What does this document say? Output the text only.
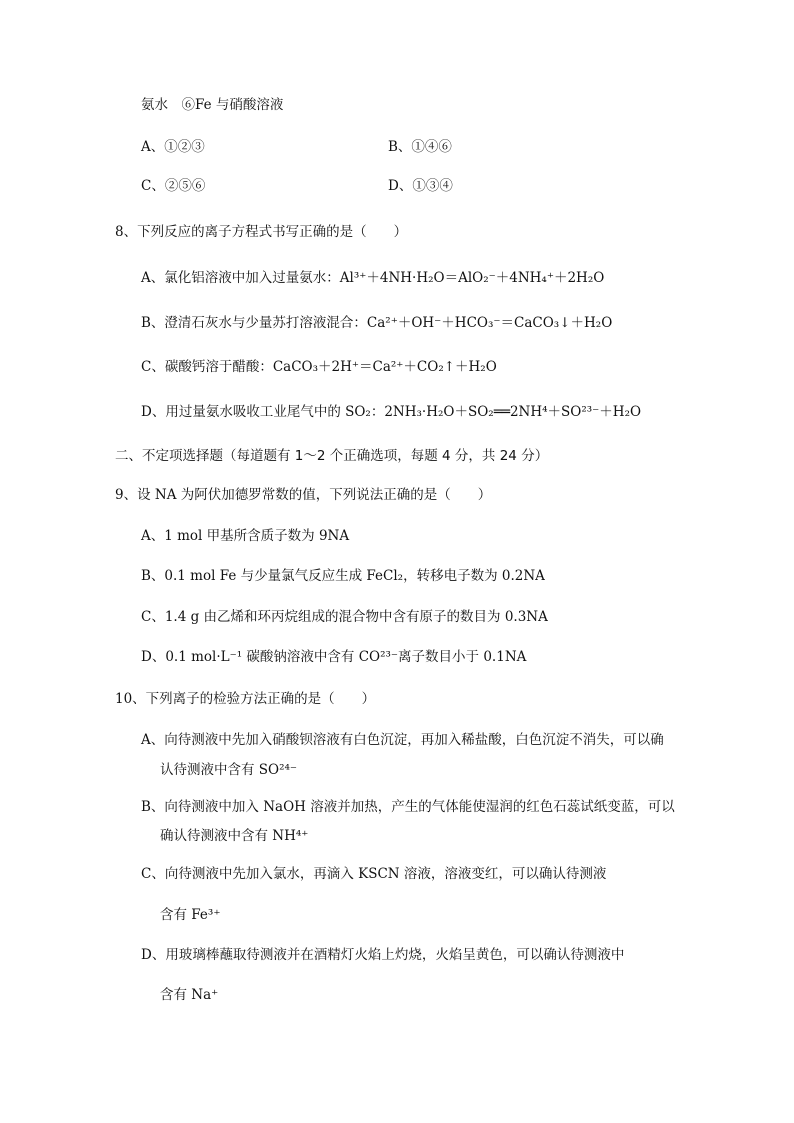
氨水　⑥Fe 与硝酸溶液
A、①②③	B、①④⑥
C、②⑤⑥	D、①③④
8、下列反应的离子方程式书写正确的是（　　）
A、氯化铝溶液中加入过量氨水：Al³⁺＋4NH·H₂O＝AlO₂⁻＋4NH₄⁺＋2H₂O
B、澄清石灰水与少量苏打溶液混合：Ca²⁺＋OH⁻＋HCO₃⁻＝CaCO₃↓＋H₂O
C、碳酸钙溶于醋酸：CaCO₃＋2H⁺＝Ca²⁺＋CO₂↑＋H₂O
D、用过量氨水吸收工业尾气中的 SO₂：2NH₃·H₂O＋SO₂══2NH⁴＋SO²³⁻＋H₂O
二、不定项选择题（每道题有 1～2 个正确选项，每题 4 分，共 24 分）
9、设 NA 为阿伏加德罗常数的值，下列说法正确的是（　　）
A、1 mol 甲基所含质子数为 9NA
B、0.1 mol Fe 与少量氯气反应生成 FeCl₂，转移电子数为 0.2NA
C、1.4 g 由乙烯和环丙烷组成的混合物中含有原子的数目为 0.3NA
D、0.1 mol·L⁻¹ 碳酸钠溶液中含有 CO²³⁻离子数目小于 0.1NA
10、下列离子的检验方法正确的是（　　）
A、向待测液中先加入硝酸钡溶液有白色沉淀，再加入稀盐酸，白色沉淀不消失，可以确
认待测液中含有 SO²⁴⁻
B、向待测液中加入 NaOH 溶液并加热，产生的气体能使湿润的红色石蕊试纸变蓝，可以
确认待测液中含有 NH⁴⁺
C、向待测液中先加入氯水，再滴入 KSCN 溶液，溶液变红，可以确认待测液
含有 Fe³⁺
D、用玻璃棒蘸取待测液并在酒精灯火焰上灼烧，火焰呈黄色，可以确认待测液中
含有 Na⁺
